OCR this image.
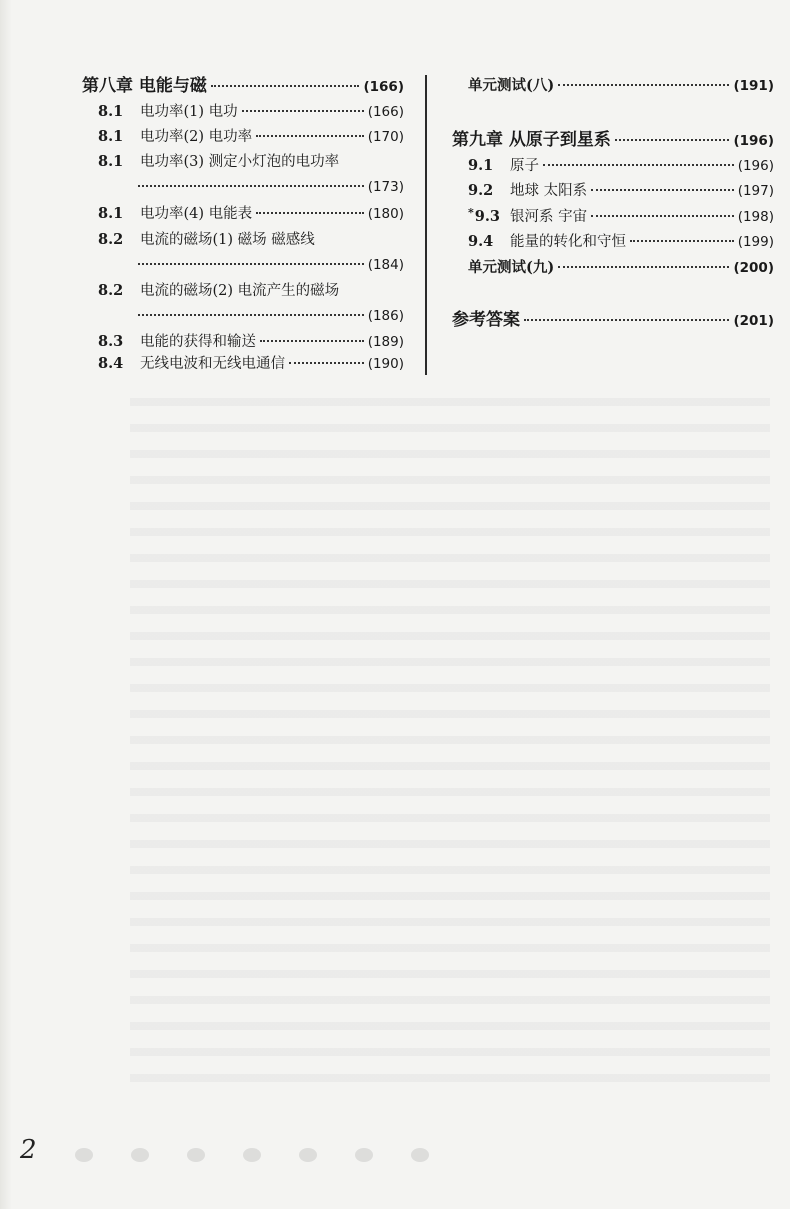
第八章 电能与磁	(166)
8.1	电功率(1) 电功	(166)
8.1	电功率(2) 电功率	(170)
8.1	电功率(3) 测定小灯泡的电功率
(173)
8.1	电功率(4) 电能表	(180)
8.2	电流的磁场(1) 磁场 磁感线
(184)
8.2	电流的磁场(2) 电流产生的磁场
(186)
8.3	电能的获得和输送	(189)
8.4	无线电波和无线电通信	(190)
单元测试(八)	(191)
第九章 从原子到星系	(196)
9.1	原子	(196)
9.2	地球 太阳系	(197)
*9.3 银河系 宇宙	(198)
9.4	能量的转化和守恒	(199)
单元测试(九)	(200)
参考答案	(201)
2
